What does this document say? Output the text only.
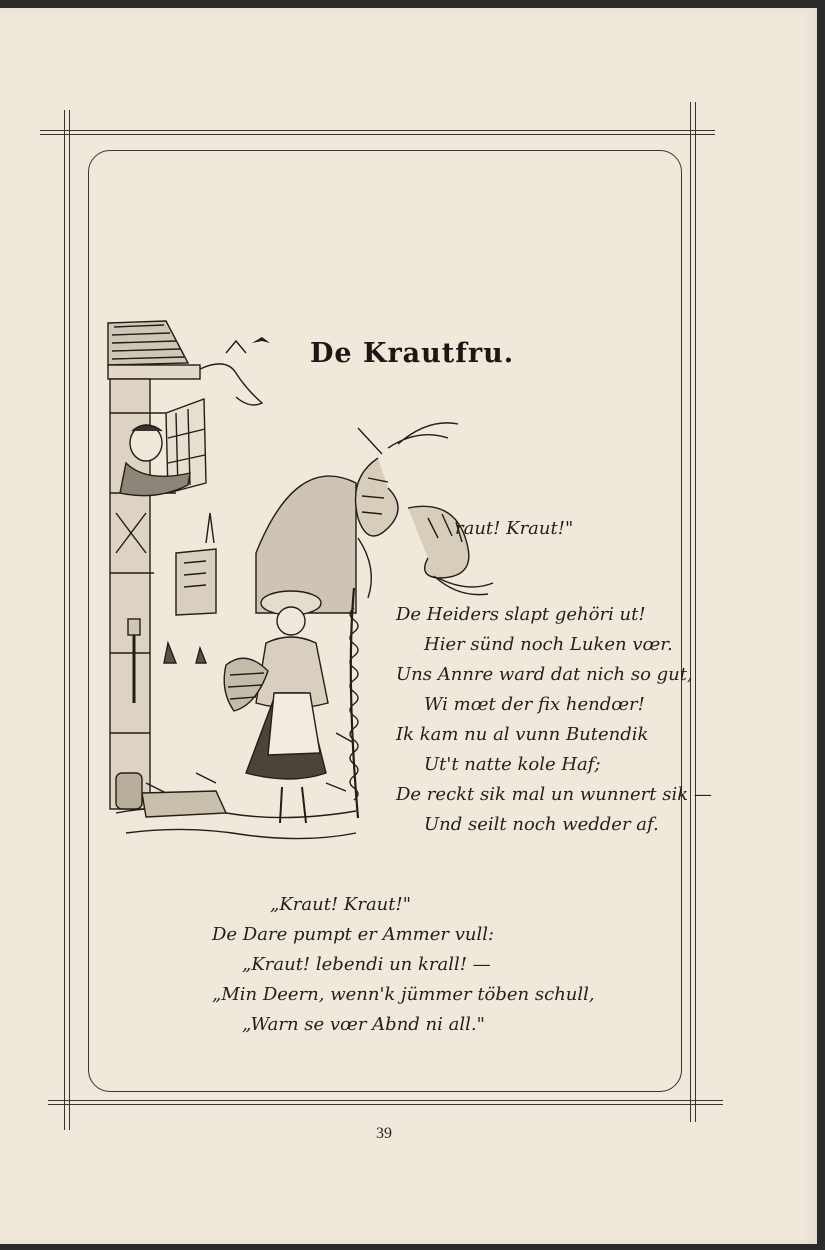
De Krautfru.
raut! Kraut!"
De Heiders slapt gehöri ut!
Hier sünd noch Luken vœr.
Uns Annre ward dat nich so gut,
Wi mœt der fix hendœr!
Ik kam nu al vunn Butendik
Ut't natte kole Haf;
De reckt sik mal un wunnert sik —
Und seilt noch wedder af.
„Kraut! Kraut!"
De Dare pumpt er Ammer vull:
„Kraut! lebendi un krall! —
„Min Deern, wenn'k jümmer töben schull,
„Warn se vœr Abnd ni all."
39
